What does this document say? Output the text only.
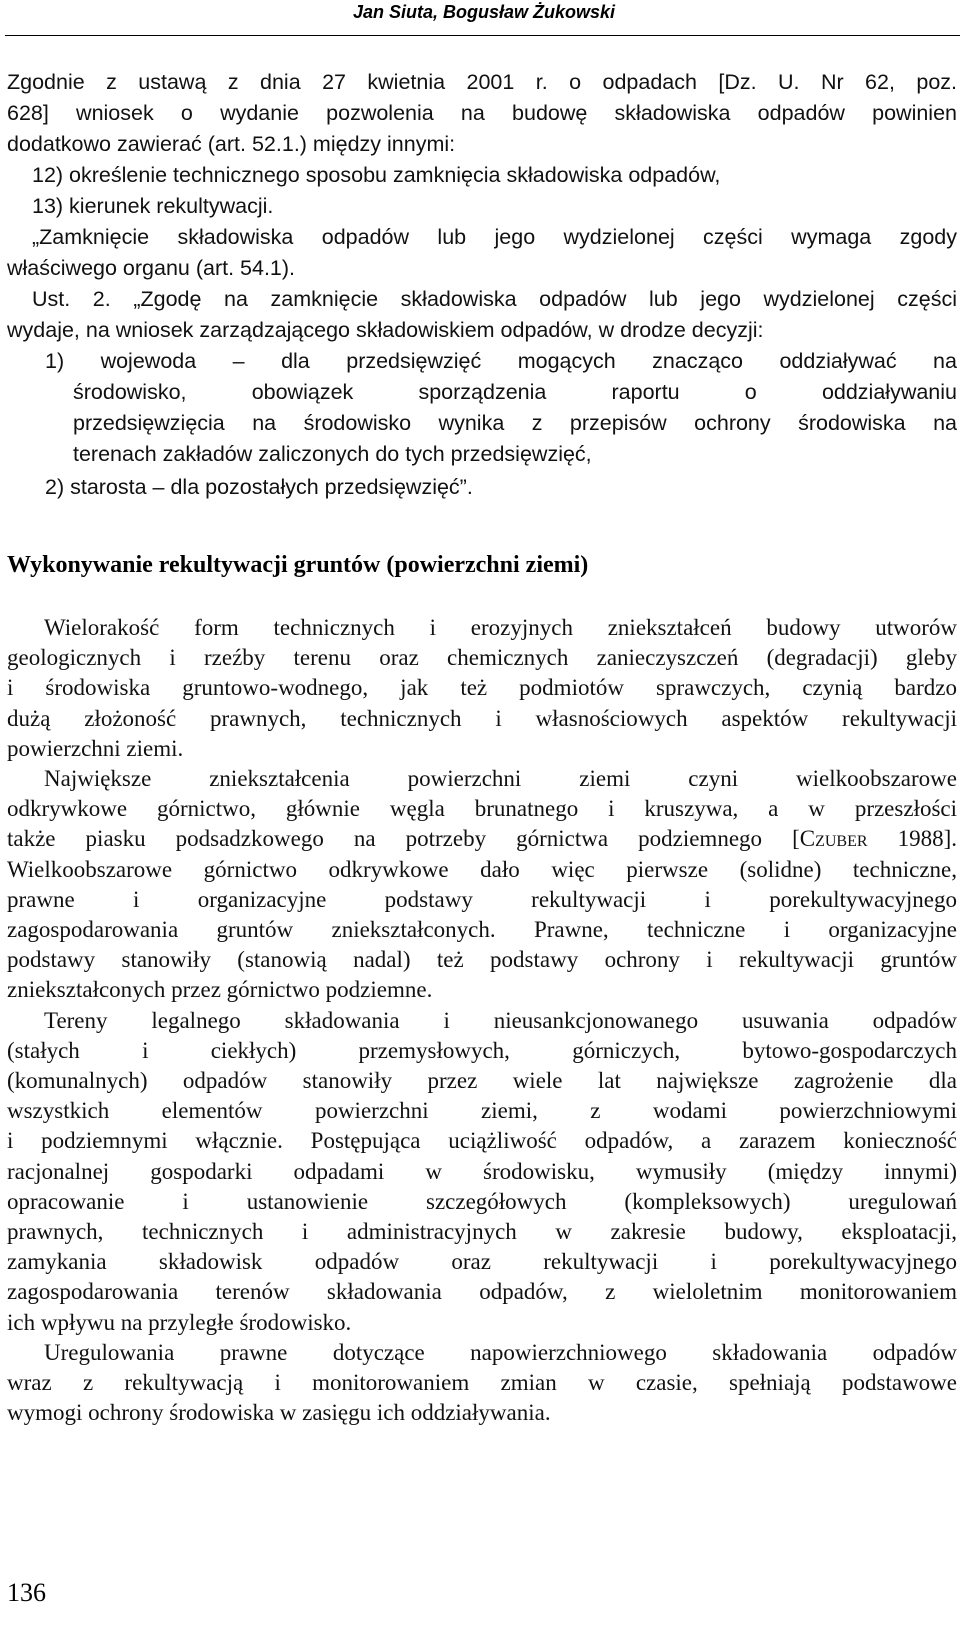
Jan Siuta, Bogusław Żukowski

Zgodnie z ustawą z dnia 27 kwietnia 2001 r. o odpadach [Dz. U. Nr 62, poz.

628] wniosek o wydanie pozwolenia na budowę składowiska odpadów powinien

dodatkowo zawierać (art. 52.1.) między innymi:

12) określenie technicznego sposobu zamknięcia składowiska odpadów,

13) kierunek rekultywacji.

„Zamknięcie składowiska odpadów lub jego wydzielonej części wymaga zgody

właściwego organu (art. 54.1).

Ust. 2. „Zgodę na zamknięcie składowiska odpadów lub jego wydzielonej części

wydaje, na wniosek zarządzającego składowiskiem odpadów, w drodze decyzji:

1) wojewoda – dla przedsięwzięć mogących znacząco oddziaływać na

środowisko, obowiązek sporządzenia raportu o oddziaływaniu

przedsięwzięcia na środowisko wynika z przepisów ochrony środowiska na

terenach zakładów zaliczonych do tych przedsięwzięć,

2) starosta – dla pozostałych przedsięwzięć”.

Wykonywanie rekultywacji gruntów (powierzchni ziemi)

Wielorakość form technicznych i erozyjnych zniekształceń budowy utworów
geologicznych i rzeźby terenu oraz chemicznych zanieczyszczeń (degradacji) gleby
i środowiska gruntowo-wodnego, jak też podmiotów sprawczych, czynią bardzo
dużą złożoność prawnych, technicznych i własnościowych aspektów rekultywacji
powierzchni ziemi.

Największe zniekształcenia powierzchni ziemi czyni wielkoobszarowe
odkrywkowe górnictwo, głównie węgla brunatnego i kruszywa, a w przeszłości
także piasku podsadzkowego na potrzeby górnictwa podziemnego [Czuber 1988].
Wielkoobszarowe górnictwo odkrywkowe dało więc pierwsze (solidne) techniczne,
prawne i organizacyjne podstawy rekultywacji i porekultywacyjnego
zagospodarowania gruntów zniekształconych. Prawne, techniczne i organizacyjne
podstawy stanowiły (stanowią nadal) też podstawy ochrony i rekultywacji gruntów
zniekształconych przez górnictwo podziemne.

Tereny legalnego składowania i nieusankcjonowanego usuwania odpadów
(stałych i ciekłych) przemysłowych, górniczych, bytowo-gospodarczych
(komunalnych) odpadów stanowiły przez wiele lat największe zagrożenie dla
wszystkich elementów powierzchni ziemi, z wodami powierzchniowymi
i podziemnymi włącznie. Postępująca uciążliwość odpadów, a zarazem konieczność
racjonalnej gospodarki odpadami w środowisku, wymusiły (między innymi)
opracowanie i ustanowienie szczegółowych (kompleksowych) uregulowań
prawnych, technicznych i administracyjnych w zakresie budowy, eksploatacji,
zamykania składowisk odpadów oraz rekultywacji i porekultywacyjnego
zagospodarowania terenów składowania odpadów, z wieloletnim monitorowaniem
ich wpływu na przyległe środowisko.

Uregulowania prawne dotyczące napowierzchniowego składowania odpadów
wraz z rekultywacją i monitorowaniem zmian w czasie, spełniają podstawowe
wymogi ochrony środowiska w zasięgu ich oddziaływania.

136
